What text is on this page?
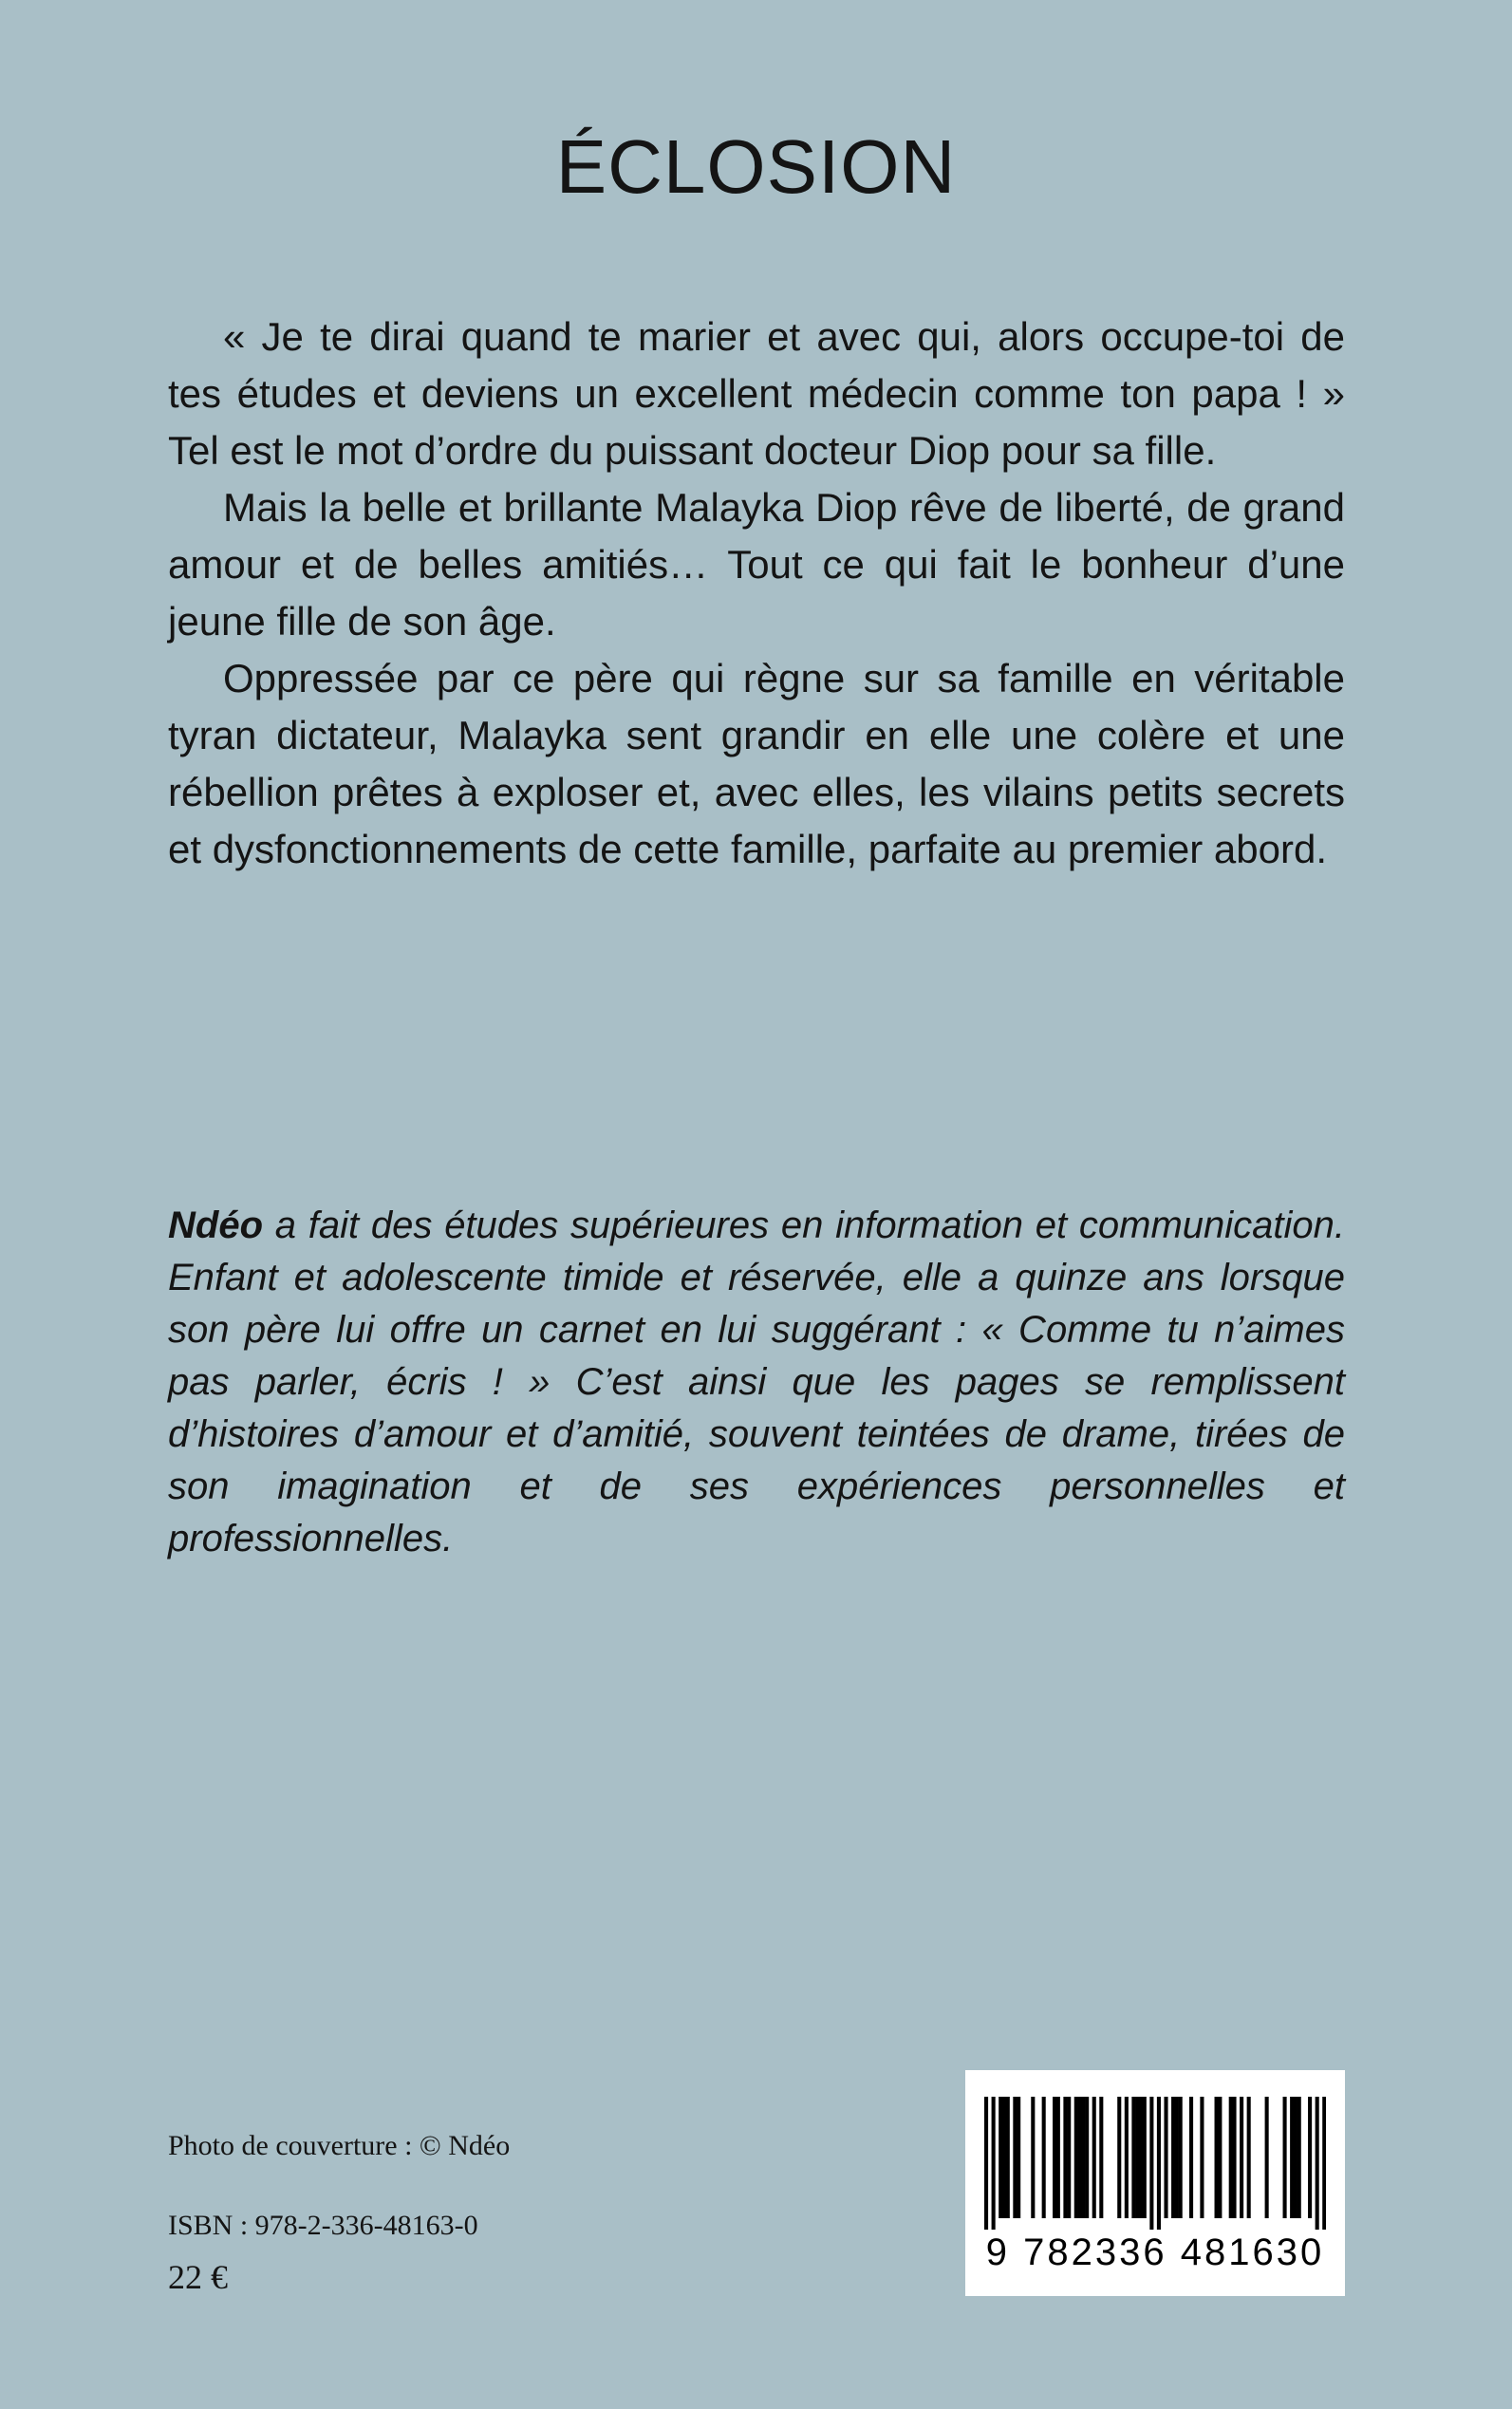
ÉCLOSION

« Je te dirai quand te marier et avec qui, alors occupe-toi de tes études et deviens un excellent médecin comme ton papa ! » Tel est le mot d’ordre du puissant docteur Diop pour sa fille.

Mais la belle et brillante Malayka Diop rêve de liberté, de grand amour et de belles amitiés… Tout ce qui fait le bonheur d’une jeune fille de son âge.

Oppressée par ce père qui règne sur sa famille en véritable tyran dictateur, Malayka sent grandir en elle une colère et une rébellion prêtes à exploser et, avec elles, les vilains petits secrets et dysfonctionnements de cette famille, parfaite au premier abord.

Ndéo a fait des études supérieures en information et communication. Enfant et adolescente timide et réservée, elle a quinze ans lorsque son père lui offre un carnet en lui suggérant : « Comme tu n’aimes pas parler, écris ! » C’est ainsi que les pages se remplissent d’histoires d’amour et d’amitié, souvent teintées de drame, tirées de son imagination et de ses expériences personnelles et professionnelles.

Photo de couverture : © Ndéo

ISBN : 978-2-336-48163-0

22 €

9 782336 481630
